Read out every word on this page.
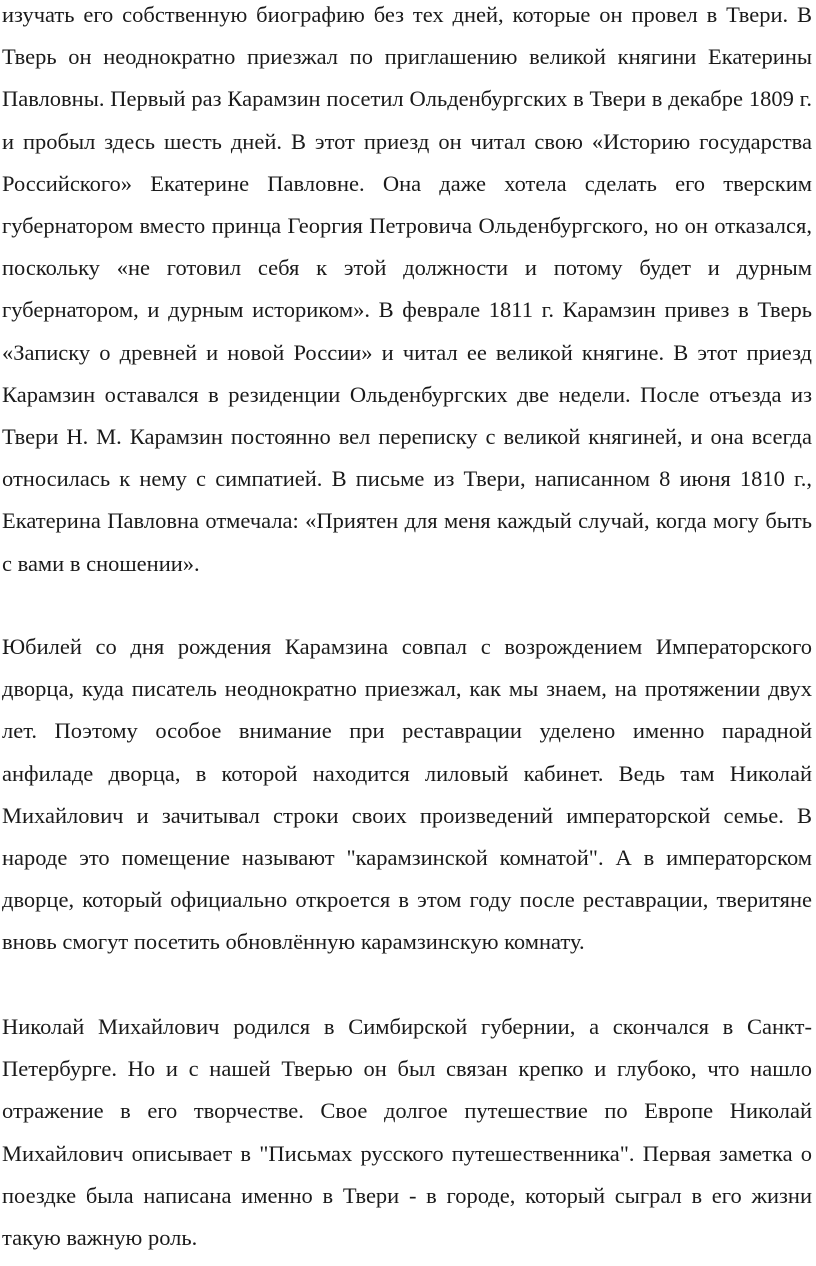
изучать его собственную биографию без тех дней, которые он провел в Твери. В Тверь он неоднократно приезжал по приглашению великой княгини Екатерины Павловны. Первый раз Карамзин посетил Ольденбургских в Твери в декабре 1809 г. и пробыл здесь шесть дней. В этот приезд он читал свою «Историю государства Российского» Екатерине Павловне. Она даже хотела сделать его тверским губернатором вместо принца Георгия Петровича Ольденбургского, но он отказался, поскольку «не готовил себя к этой должности и потому будет и дурным губернатором, и дурным историком». В феврале 1811 г. Карамзин привез в Тверь «Записку о древней и новой России» и читал ее великой княгине. В этот приезд Карамзин оставался в резиденции Ольденбургских две недели. После отъезда из Твери Н. М. Карамзин постоянно вел переписку с великой княгиней, и она всегда относилась к нему с симпатией. В письме из Твери, написанном 8 июня 1810 г., Екатерина Павловна отмечала: «Приятен для меня каждый случай, когда могу быть с вами в сношении».

Юбилей со дня рождения Карамзина совпал с возрождением Императорского дворца, куда писатель неоднократно приезжал, как мы знаем, на протяжении двух лет. Поэтому особое внимание при реставрации уделено именно парадной анфиладе дворца, в которой находится лиловый кабинет. Ведь там Николай Михайлович и зачитывал строки своих произведений императорской семье. В народе это помещение называют "карамзинской комнатой". А в императорском дворце, который официально откроется в этом году после реставрации, тверитяне вновь смогут посетить обновлённую карамзинскую комнату.

Николай Михайлович родился в Симбирской губернии, а скончался в Санкт-Петербурге. Но и с нашей Тверью он был связан крепко и глубоко, что нашло отражение в его творчестве. Свое долгое путешествие по Европе Николай Михайлович описывает в "Письмах русского путешественника". Первая заметка о поездке была написана именно в Твери - в городе, который сыграл в его жизни такую важную роль.
